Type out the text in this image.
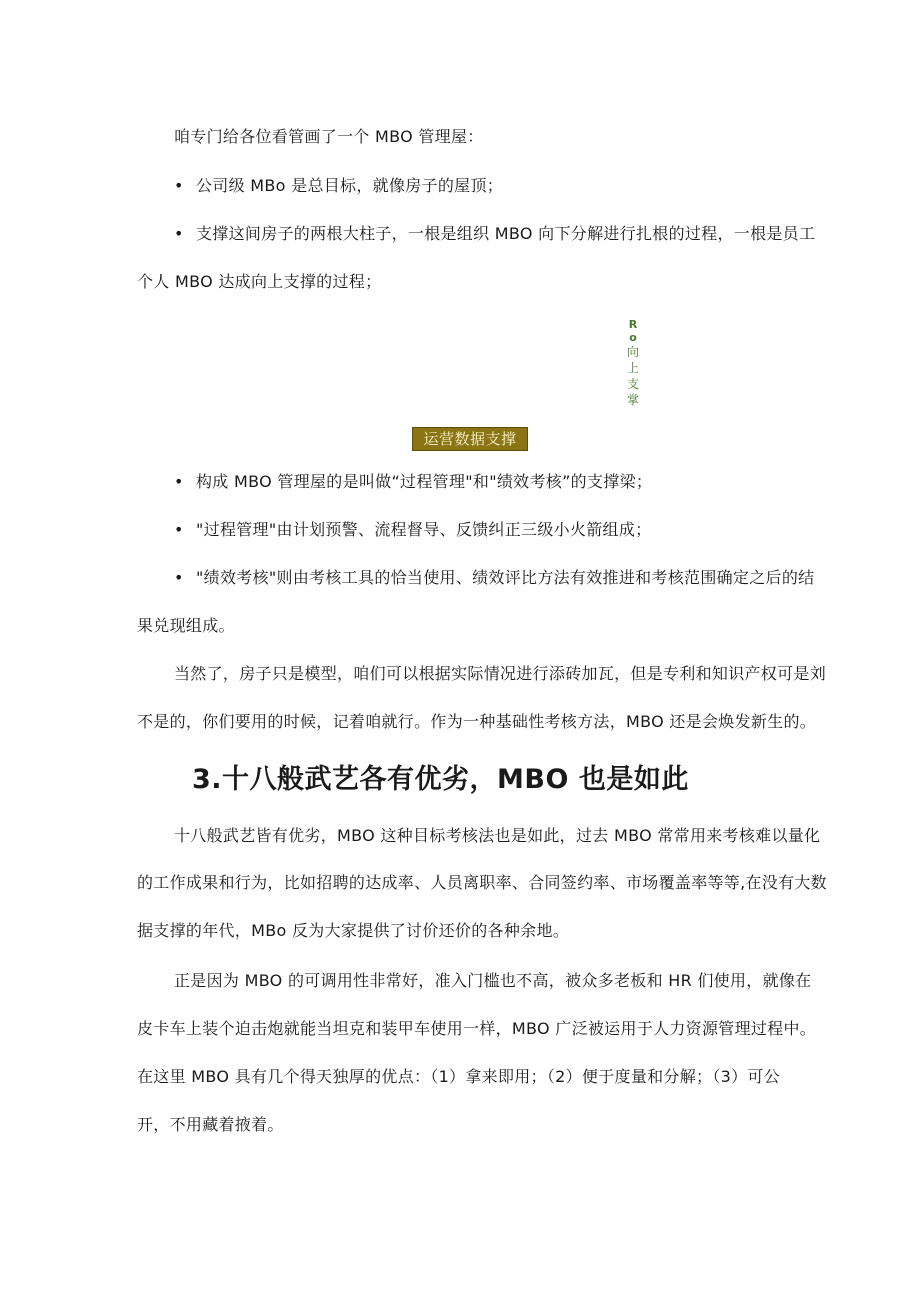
咱专门给各位看管画了一个 MBO 管理屋：
• 公司级 MBo 是总目标，就像房子的屋顶；
• 支撑这间房子的两根大柱子，一根是组织 MBO 向下分解进行扎根的过程，一根是员工
个人 MBO 达成向上支撑的过程；
Ro
向上支掌
运营数据支撑
• 构成 MBO 管理屋的是叫做“过程管理"和"绩效考核”的支撑梁；
• "过程管理"由计划预警、流程督导、反馈纠正三级小火箭组成；
• "绩效考核"则由考核工具的恰当使用、绩效评比方法有效推进和考核范围确定之后的结
果兑现组成。
当然了，房子只是模型，咱们可以根据实际情况进行添砖加瓦，但是专利和知识产权可是刘
不是的，你们要用的时候，记着咱就行。作为一种基础性考核方法，MBO 还是会焕发新生的。
3.十八般武艺各有优劣，MBO 也是如此
十八般武艺皆有优劣，MBO 这种目标考核法也是如此，过去 MBO 常常用来考核难以量化
的工作成果和行为，比如招聘的达成率、人员离职率、合同签约率、市场覆盖率等等,在没有大数
据支撑的年代，MBo 反为大家提供了讨价还价的各种余地。
正是因为 MBO 的可调用性非常好，准入门槛也不高，被众多老板和 HR 们使用，就像在
皮卡车上装个迫击炮就能当坦克和装甲车使用一样，MBO 广泛被运用于人力资源管理过程中。
在这里 MBO 具有几个得天独厚的优点：（1）拿来即用；（2）便于度量和分解；（3）可公
开，不用藏着掖着。
